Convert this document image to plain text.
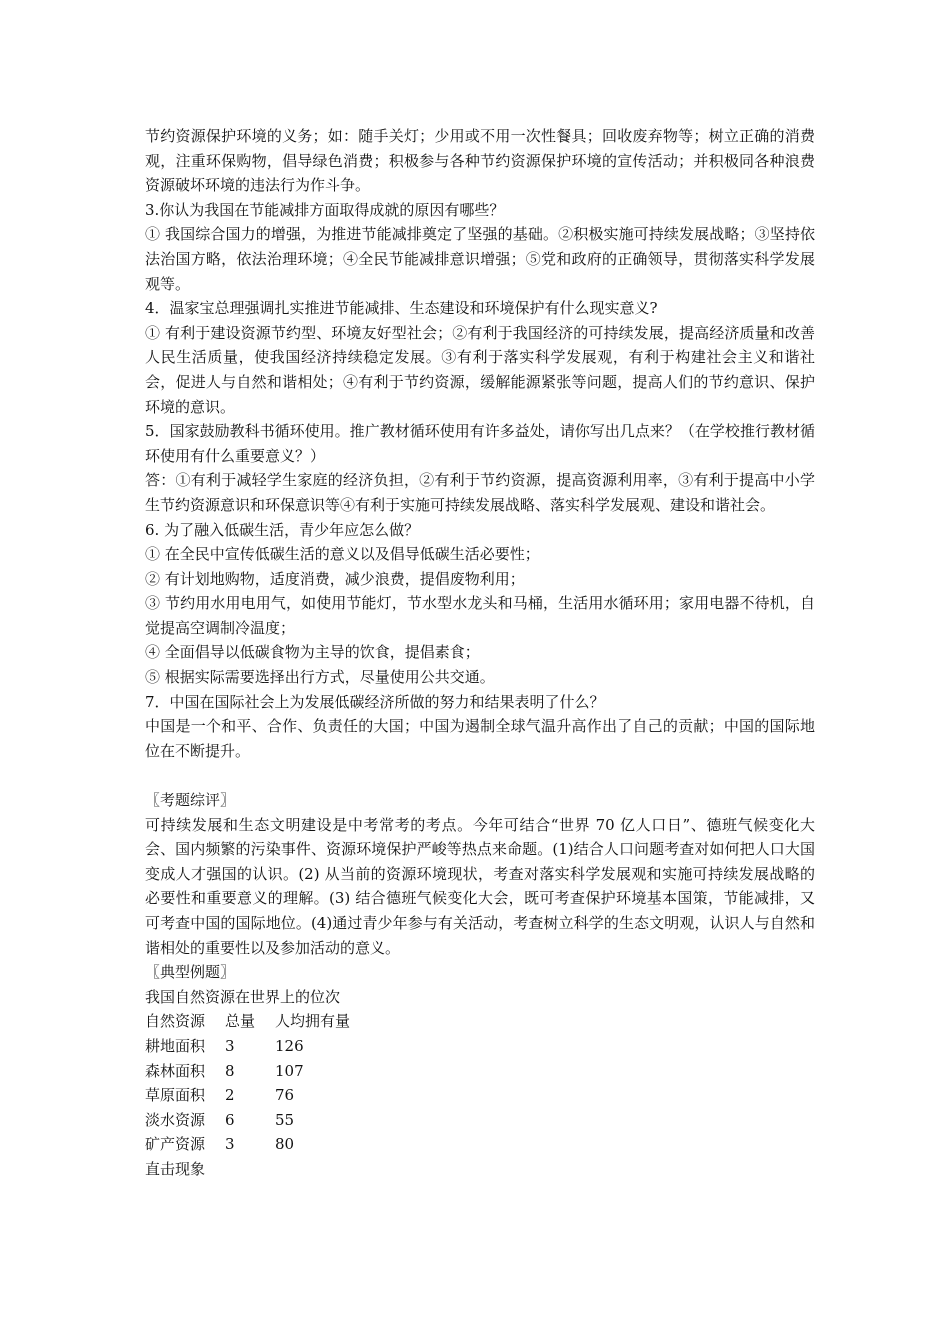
节约资源保护环境的义务；如：随手关灯；少用或不用一次性餐具；回收废弃物等；树立正确的消费观，注重环保购物，倡导绿色消费；积极参与各种节约资源保护环境的宣传活动；并积极同各种浪费资源破坏环境的违法行为作斗争。

3.你认为我国在节能减排方面取得成就的原因有哪些？

① 我国综合国力的增强，为推进节能减排奠定了坚强的基础。②积极实施可持续发展战略；③坚持依法治国方略，依法治理环境；④全民节能减排意识增强；⑤党和政府的正确领导，贯彻落实科学发展观等。

4．温家宝总理强调扎实推进节能减排、生态建设和环境保护有什么现实意义?

① 有利于建设资源节约型、环境友好型社会；②有利于我国经济的可持续发展，提高经济质量和改善人民生活质量，使我国经济持续稳定发展。③有利于落实科学发展观，有利于构建社会主义和谐社会，促进人与自然和谐相处；④有利于节约资源，缓解能源紧张等问题，提高人们的节约意识、保护环境的意识。

5．国家鼓励教科书循环使用。推广教材循环使用有许多益处，请你写出几点来？（在学校推行教材循环使用有什么重要意义？）

答：①有利于减轻学生家庭的经济负担，②有利于节约资源，提高资源利用率，③有利于提高中小学生节约资源意识和环保意识等④有利于实施可持续发展战略、落实科学发展观、建设和谐社会。

6. 为了融入低碳生活，青少年应怎么做？

① 在全民中宣传低碳生活的意义以及倡导低碳生活必要性；

② 有计划地购物，适度消费，减少浪费，提倡废物利用；

③ 节约用水用电用气，如使用节能灯，节水型水龙头和马桶，生活用水循环用；家用电器不待机，自觉提高空调制冷温度；

④ 全面倡导以低碳食物为主导的饮食，提倡素食；

⑤ 根据实际需要选择出行方式，尽量使用公共交通。

7．中国在国际社会上为发展低碳经济所做的努力和结果表明了什么？

中国是一个和平、合作、负责任的大国；中国为遏制全球气温升高作出了自己的贡献；中国的国际地位在不断提升。

〖考题综评〗

可持续发展和生态文明建设是中考常考的考点。今年可结合“世界 70 亿人口日”、德班气候变化大会、国内频繁的污染事件、资源环境保护严峻等热点来命题。(1)结合人口问题考查对如何把人口大国变成人才强国的认识。(2) 从当前的资源环境现状，考查对落实科学发展观和实施可持续发展战略的必要性和重要意义的理解。(3) 结合德班气候变化大会，既可考查保护环境基本国策，节能减排，又可考查中国的国际地位。(4)通过青少年参与有关活动，考查树立科学的生态文明观，认识人与自然和谐相处的重要性以及参加活动的意义。

〖典型例题〗

我国自然资源在世界上的位次

自然资源	总量	人均拥有量
耕地面积	3	126
森林面积	8	107
草原面积	2	76
淡水资源	6	55
矿产资源	3	80

直击现象
